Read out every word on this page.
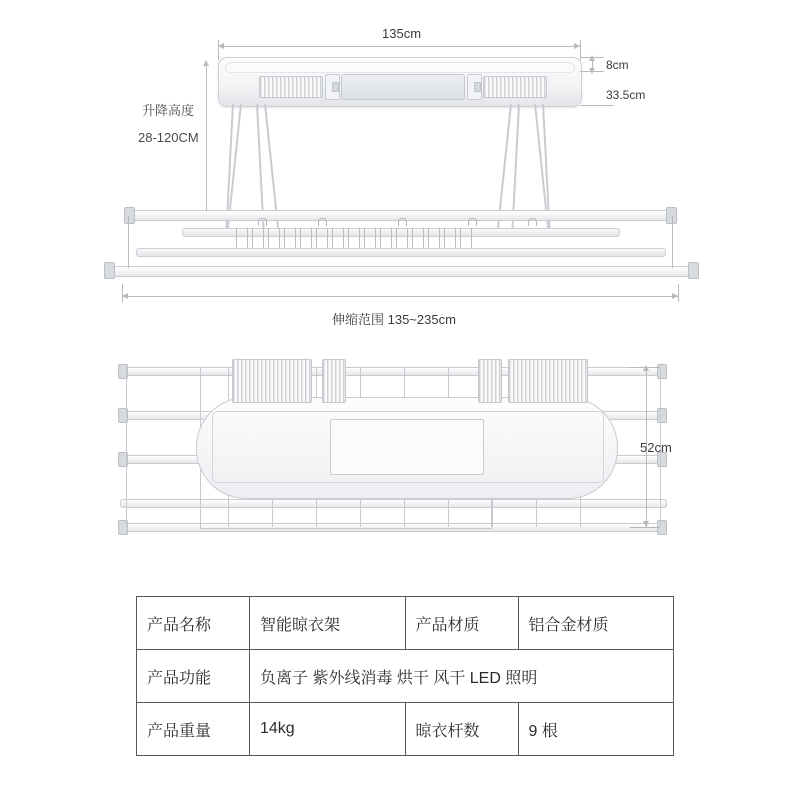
135cm
8cm
33.5cm
升降高度
28-120CM
伸缩范围 135~235cm
52cm
产品名称	智能晾衣架	产品材质	铝合金材质
产品功能	负离子 紫外线消毒 烘干 风干 LED 照明		
产品重量	14kg	晾衣杆数	9 根
